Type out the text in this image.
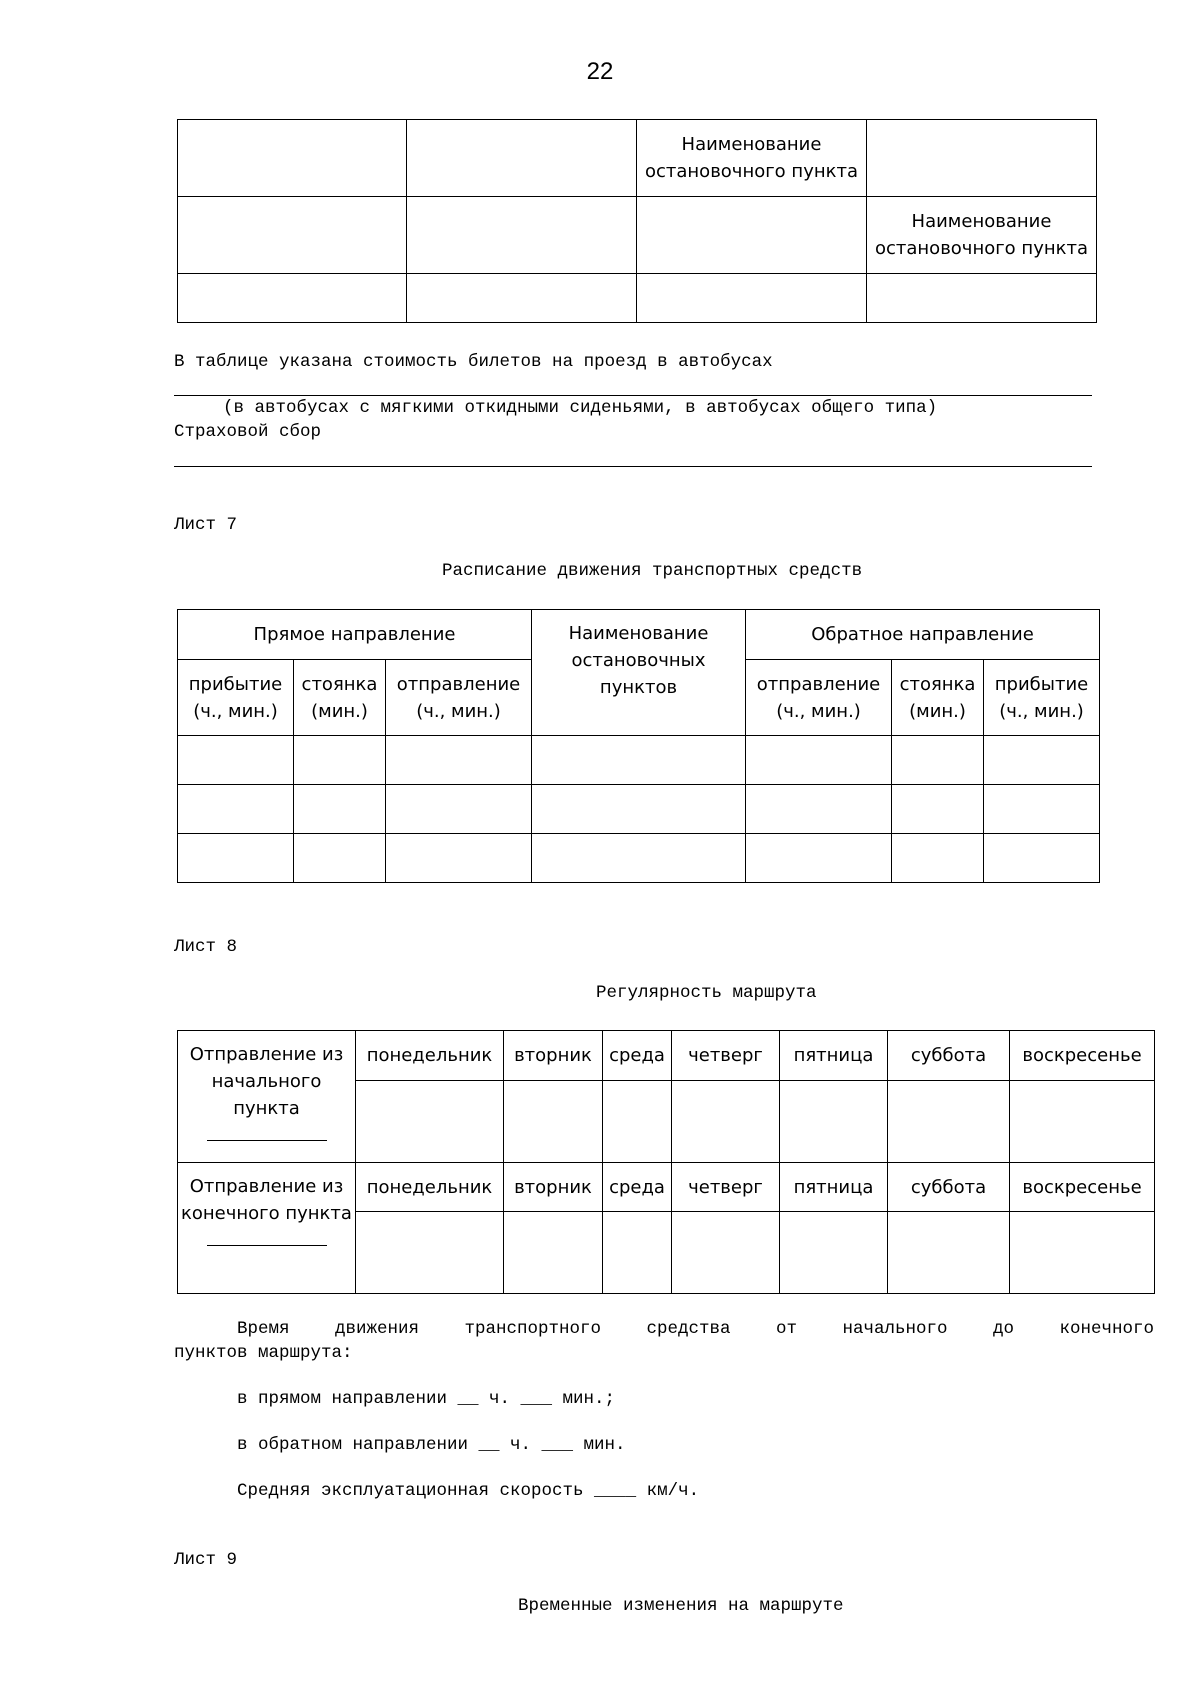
22
		Наименование остановочного пункта	
			Наименование остановочного пункта

В таблице указана стоимость билетов на проезд в автобусах
(в автобусах с мягкими откидными сиденьями, в автобусах общего типа)
Страховой сбор
Лист 7
Расписание движения транспортных средств
Прямое направление			Наименование остановочных пунктов	Обратное направление		
прибытие (ч., мин.)	стоянка (мин.)	отправление (ч., мин.)		отправление (ч., мин.)	стоянка (мин.)	прибытие (ч., мин.)

Лист 8
Регулярность маршрута
Отправление из начального пункта	понедельник	вторник	среда	четверг	пятница	суббота	воскресенье

Отправление из конечного пункта	понедельник	вторник	среда	четверг	пятница	суббота	воскресенье

Время движения транспортного средства от начального до конечного
пунктов маршрута:
в прямом направлении __ ч. ___ мин.;
в обратном направлении __ ч. ___ мин.
Средняя эксплуатационная скорость ____ км/ч.
Лист 9
Временные изменения на маршруте
